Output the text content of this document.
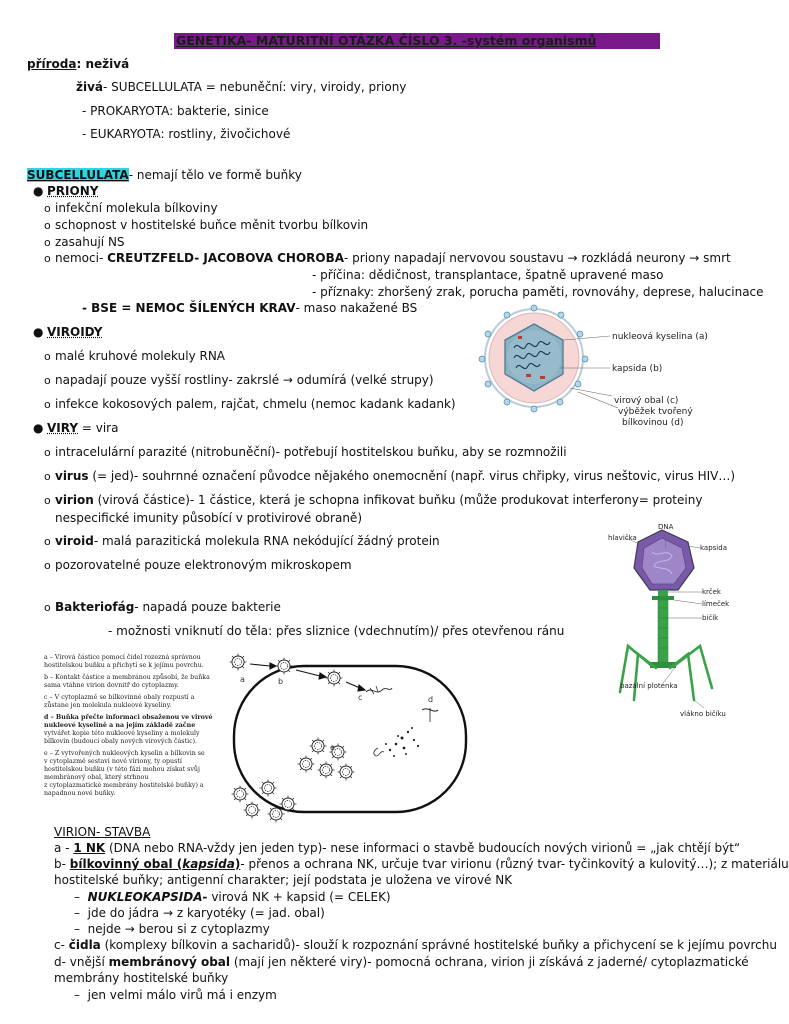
GENETIKA- MATURITNÍ OTÁZKA ČÍSLO 3. -systém organismů
příroda: neživá
živá- SUBCELLULATA = nebuněční: viry, viroidy, priony
- PROKARYOTA: bakterie, sinice
- EUKARYOTA: rostliny, živočichové
SUBCELLULATA- nemají tělo ve formě buňky
● PRIONY
o infekční molekula bílkoviny
o schopnost v hostitelské buňce měnit tvorbu bílkovin
o zasahují NS
o nemoci- CREUTZFELD- JACOBOVA CHOROBA- priony napadají nervovou soustavu → rozkládá neurony → smrt
- příčina: dědičnost, transplantace, špatně upravené maso
- příznaky: zhoršený zrak, porucha paměti, rovnováhy, deprese, halucinace
- BSE = NEMOC ŠÍLENÝCH KRAV- maso nakažené BS
● VIROIDY
o malé kruhové molekuly RNA
o napadají pouze vyšší rostliny- zakrslé → odumírá (velké strupy)
o infekce kokosových palem, rajčat, chmelu (nemoc kadank kadank)
● VIRY = vira
o intracelulární parazité (nitrobuněční)- potřebují hostitelskou buňku, aby se rozmnožili
o virus (= jed)- souhrnné označení původce nějakého onemocnění (např. virus chřipky, virus neštovic, virus HIV…)
o virion (virová částice)- 1 částice, která je schopna infikovat buňku (může produkovat interferony= proteiny
nespecifické imunity působící v protivirové obraně)
o viroid- malá parazitická molekula RNA nekódující žádný protein
o pozorovatelné pouze elektronovým mikroskopem
o Bakteriofág- napadá pouze bakterie
- možnosti vniknutí do těla: přes sliznice (vdechnutím)/ přes otevřenou ránu
nukleová kyselina (a)
kapsida (b)
virový obal (c)
výběžek tvořený
bílkovinou (d)
hlavička
DNA
kapsida
krček
límeček
bičík
bazální ploténka
vlákno bičíku
a – Virová částice pomocí čidel rozezná správnou
hostitelskou buňku a přichytí se k jejímu povrchu.
b – Kontakt částice a membránou způsobí, že buňka
sama vtáhne virion dovnitř do cytoplazmy.
c – V cytoplazmě se bílkovinné obaly rozpustí a
zůstane jen molekula nukleové kyseliny.
d – Buňka přečte informaci obsaženou ve virové
nukleové kyselině a na jejím základě začne
vytvářet kopie této nukleové kyseliny a molekuly
bílkovin (budoucí obaly nových virových částic).
e – Z vytvořených nukleových kyselin a bílkovin se
v cytoplazmě sestaví nové viriony, ty opustí
hostitelskou buňku (v této fázi mohou získat svůj
membránový obal, který strhnou
z cytoplazmatické membrány hostitelské buňky) a
napadnou nové buňky.
a	b
c	d
e
VIRION- STAVBA
a - 1 NK (DNA nebo RNA-vždy jen jeden typ)- nese informaci o stavbě budoucích nových virionů = „jak chtějí být“
b- bílkovinný obal (kapsida)- přenos a ochrana NK, určuje tvar virionu (různý tvar- tyčinkovitý a kulovitý…); z materiálu
hostitelské buňky; antigenní charakter; její podstata je uložena ve virové NK
–  NUKLEOKAPSIDA- virová NK + kapsid (= CELEK)
–  jde do jádra → z karyotéky (= jad. obal)
–  nejde → berou si z cytoplazmy
c- čidla (komplexy bílkovin a sacharidů)- slouží k rozpoznání správné hostitelské buňky a přichycení se k jejímu povrchu
d- vnější membránový obal (mají jen některé viry)- pomocná ochrana, virion ji získává z jaderné/ cytoplazmatické
membrány hostitelské buňky
–  jen velmi málo virů má i enzym
